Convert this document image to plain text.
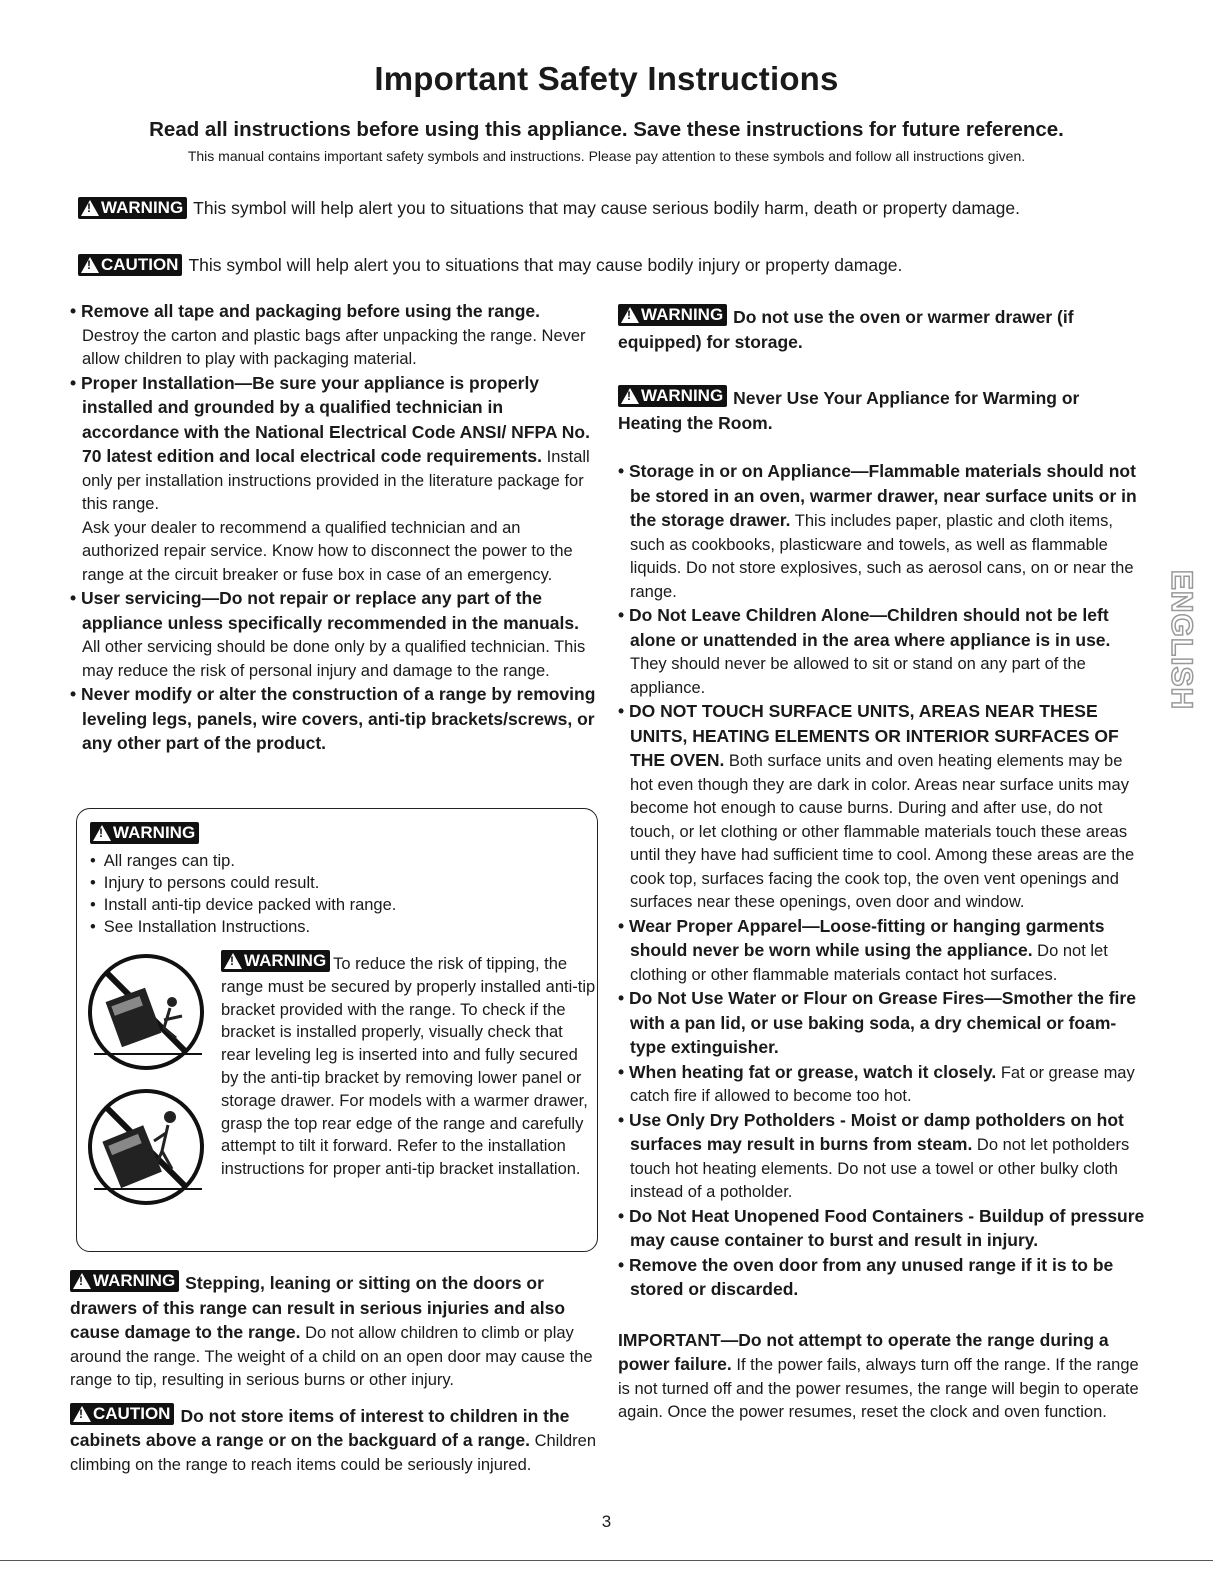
Important Safety Instructions
Read all instructions before using this appliance. Save these instructions for future reference.
This manual contains important safety symbols and instructions. Please pay attention to these symbols and follow all instructions given.
!
WARNING This symbol will help alert you to situations that may cause serious bodily harm, death or property damage.
!
CAUTION This symbol will help alert you to situations that may cause bodily injury or property damage.

• Remove all tape and packaging before using the range. Destroy the carton and plastic bags after unpacking the range. Never allow children to play with packaging material.

• Proper Installation—Be sure your appliance is properly installed and grounded by a qualified technician in accordance with the National Electrical Code ANSI/ NFPA No. 70 latest edition and local electrical code requirements. Install only per installation instructions provided in the literature package for this range.

Ask your dealer to recommend a qualified technician and an authorized repair service. Know how to disconnect the power to the range at the circuit breaker or fuse box in case of an emergency.

• User servicing—Do not repair or replace any part of the appliance unless specifically recommended in the manuals. All other servicing should be done only by a qualified technician. This may reduce the risk of personal injury and damage to the range.

• Never modify or alter the construction of a range by removing leveling legs, panels, wire covers, anti-tip brackets/screws, or any other part of the product.

!
WARNING
• All ranges can tip.
• Injury to persons could result.
• Install anti-tip device packed with range.
• See Installation Instructions.
!
WARNING To reduce the risk of tipping, the range must be secured by properly installed anti-tip bracket provided with the range. To check if the bracket is installed properly, visually check that rear leveling leg is inserted into and fully secured by the anti-tip bracket by removing lower panel or storage drawer. For models with a warmer drawer, grasp the top rear edge of the range and carefully attempt to tilt it forward. Refer to the installation instructions for proper anti-tip bracket installation.

!
WARNING Stepping, leaning or sitting on the doors or drawers of this range can result in serious injuries and also cause damage to the range. Do not allow children to climb or play around the range. The weight of a child on an open door may cause the range to tip, resulting in serious burns or other injury.

!
CAUTION Do not store items of interest to children in the cabinets above a range or on the backguard of a range. Children climbing on the range to reach items could be seriously injured.

!
WARNING Do not use the oven or warmer drawer (if equipped) for storage.

!
WARNING Never Use Your Appliance for Warming or Heating the Room.

• Storage in or on Appliance—Flammable materials should not be stored in an oven, warmer drawer, near surface units or in the storage drawer. This includes paper, plastic and cloth items, such as cookbooks, plasticware and towels, as well as flammable liquids. Do not store explosives, such as aerosol cans, on or near the range.

• Do Not Leave Children Alone—Children should not be left alone or unattended in the area where appliance is in use. They should never be allowed to sit or stand on any part of the appliance.

• DO NOT TOUCH SURFACE UNITS, AREAS NEAR THESE UNITS, HEATING ELEMENTS OR INTERIOR SURFACES OF THE OVEN. Both surface units and oven heating elements may be hot even though they are dark in color. Areas near surface units may become hot enough to cause burns. During and after use, do not touch, or let clothing or other flammable materials touch these areas until they have had sufficient time to cool. Among these areas are the cook top, surfaces facing the cook top, the oven vent openings and surfaces near these openings, oven door and window.

• Wear Proper Apparel—Loose-fitting or hanging garments should never be worn while using the appliance. Do not let clothing or other flammable materials contact hot surfaces.

• Do Not Use Water or Flour on Grease Fires—Smother the fire with a pan lid, or use baking soda, a dry chemical or foam-type extinguisher.

• When heating fat or grease, watch it closely. Fat or grease may catch fire if allowed to become too hot.

• Use Only Dry Potholders - Moist or damp potholders on hot surfaces may result in burns from steam. Do not let potholders touch hot heating elements. Do not use a towel or other bulky cloth instead of a potholder.

• Do Not Heat Unopened Food Containers - Buildup of pressure may cause container to burst and result in injury.

• Remove the oven door from any unused range if it is to be stored or discarded.

IMPORTANT—Do not attempt to operate the range during a power failure. If the power fails, always turn off the range. If the range is not turned off and the power resumes, the range will begin to operate again. Once the power resumes, reset the clock and oven function.

ENGLISH
3
